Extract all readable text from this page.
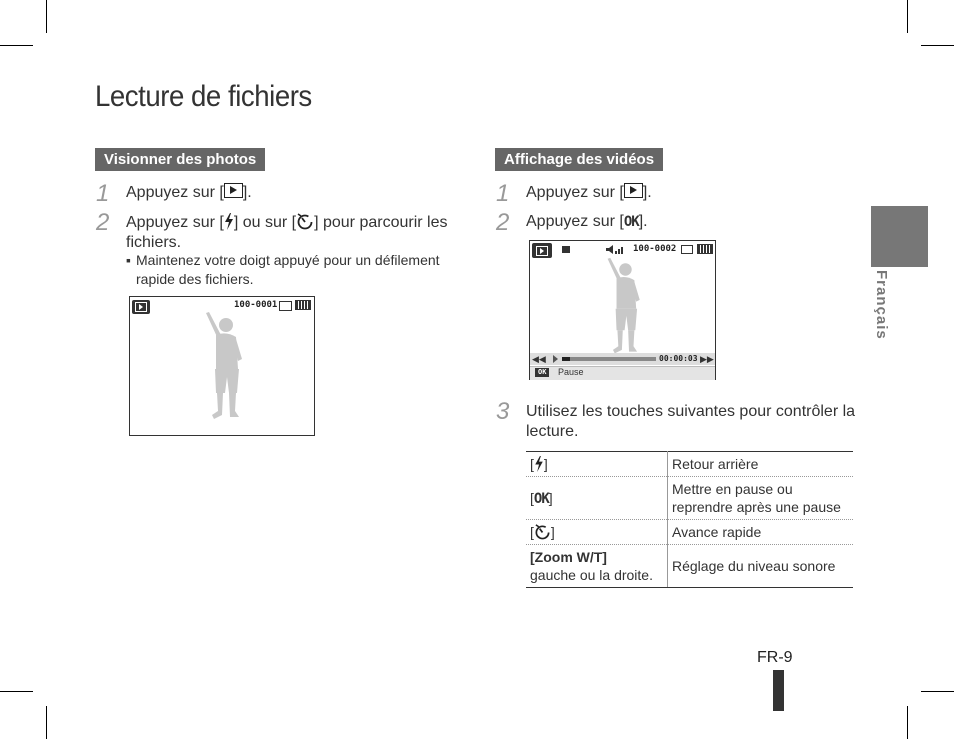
Lecture de fichiers
Français
Visionner des photos
1 Appuyez sur [ ].
2 Appuyez sur [ ] ou sur [ ] pour parcourir les
fichiers.
▪ Maintenez votre doigt appuyé pour un défilement
rapide des fichiers.
100-0001
Affichage des vidéos
1 Appuyez sur [ ].
2 Appuyez sur [OK].
100-0002
◀◀	00:00:03 ▶▶
OK	Pause
3 Utilisez les touches suivantes pour contrôler la
lecture.
[ ]	Retour arrière
[OK]	Mettre en pause ou
reprendre après une pause
[ ]	Avance rapide
[Zoom W/T]
gauche ou la droite.	Réglage du niveau sonore
FR-9
